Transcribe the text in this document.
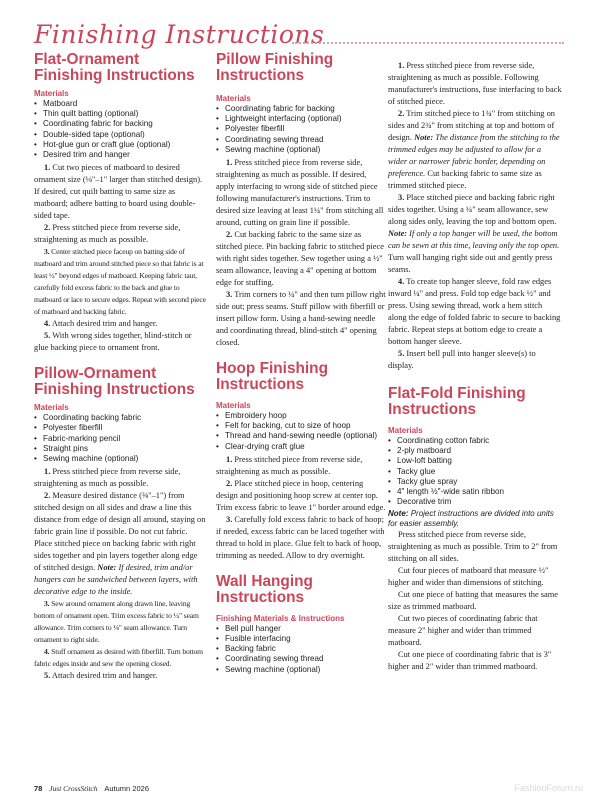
Finishing Instructions
Flat-Ornament Finishing Instructions
Materials
• Matboard
• Thin quilt batting (optional)
• Coordinating fabric for backing
• Double-sided tape (optional)
• Hot-glue gun or craft glue (optional)
• Desired trim and hanger

1. Cut two pieces of matboard to desired ornament size (⅛"–1" larger than stitched design). If desired, cut quilt batting to same size as matboard; adhere batting to board using double-sided tape.

2. Press stitched piece from reverse side, straightening as much as possible.

3. Center stitched piece faceup on batting side of matboard and trim around stitched piece so that fabric is at least ½" beyond edges of matboard. Keeping fabric taut, carefully fold excess fabric to the back and glue to matboard or lace to secure edges. Repeat with second piece of matboard and backing fabric.

4. Attach desired trim and hanger.

5. With wrong sides together, blind-stitch or glue backing piece to ornament front.

Pillow-Ornament Finishing Instructions
Materials
• Coordinating backing fabric
• Polyester fiberfill
• Fabric-marking pencil
• Straight pins
• Sewing machine (optional)

1. Press stitched piece from reverse side, straightening as much as possible.

2. Measure desired distance (⅜"–1") from stitched design on all sides and draw a line this distance from edge of design all around, staying on fabric grain line if possible. Do not cut fabric. Place stitched piece on backing fabric with right sides together and pin layers together along edge of stitched design. Note: If desired, trim and/or hangers can be sandwiched between layers, with decorative edge to the inside.

3. Sew around ornament along drawn line, leaving bottom of ornament open. Trim excess fabric to ¼" seam allowance. Trim corners to ⅛" seam allowance. Turn ornament to right side.

4. Stuff ornament as desired with fiberfill. Turn bottom fabric edges inside and sew the opening closed.

5. Attach desired trim and hanger.

Pillow Finishing Instructions
Materials
• Coordinating fabric for backing
• Lightweight interfacing (optional)
• Polyester fiberfill
• Coordinating sewing thread
• Sewing machine (optional)

1. Press stitched piece from reverse side, straightening as much as possible. If desired, apply interfacing to wrong side of stitched piece following manufacturer's instructions. Trim to desired size leaving at least 1¼" from stitching all around, cutting on grain line if possible.

2. Cut backing fabric to the same size as stitched piece. Pin backing fabric to stitched piece with right sides together. Sew together using a ½" seam allowance, leaving a 4" opening at bottom edge for stuffing.

3. Trim corners to ¼" and then turn pillow right side out; press seams. Stuff pillow with fiberfill or insert pillow form. Using a hand-sewing needle and coordinating thread, blind-stitch 4" opening closed.

Hoop Finishing Instructions
Materials
• Embroidery hoop
• Felt for backing, cut to size of hoop
• Thread and hand-sewing needle (optional)
• Clear-drying craft glue

1. Press stitched piece from reverse side, straightening as much as possible.

2. Place stitched piece in hoop, centering design and positioning hoop screw at center top. Trim excess fabric to leave 1" border around edge.

3. Carefully fold excess fabric to back of hoop; if needed, excess fabric can be laced together with thread to hold in place. Glue felt to back of hoop, trimming as needed. Allow to dry overnight.

Wall Hanging Instructions
Finishing Materials & Instructions
• Bell pull hanger
• Fusible interfacing
• Backing fabric
• Coordinating sewing thread
• Sewing machine (optional)

1. Press stitched piece from reverse side, straightening as much as possible. Following manufacturer's instructions, fuse interfacing to back of stitched piece.

2. Trim stitched piece to 1¾" from stitching on sides and 2¾" from stitching at top and bottom of design. Note: The distance from the stitching to the trimmed edges may be adjusted to allow for a wider or narrower fabric border, depending on preference. Cut backing fabric to same size as trimmed stitched piece.

3. Place stitched piece and backing fabric right sides together. Using a ¼" seam allowance, sew along sides only, leaving the top and bottom open. Note: If only a top hanger will be used, the bottom can be sewn at this time, leaving only the top open. Turn wall hanging right side out and gently press seams.

4. To create top hanger sleeve, fold raw edges inward ¼" and press. Fold top edge back ½" and press. Using sewing thread, work a hem stitch along the edge of folded fabric to secure to backing fabric. Repeat steps at bottom edge to create a bottom hanger sleeve.

5. Insert bell pull into hanger sleeve(s) to display.

Flat-Fold Finishing Instructions
Materials
• Coordinating cotton fabric
• 2-ply matboard
• Low-loft batting
• Tacky glue
• Tacky glue spray
• 4" length ½"-wide satin ribbon
• Decorative trim

Note: Project instructions are divided into units for easier assembly.

Press stitched piece from reverse side, straightening as much as possible. Trim to 2" from stitching on all sides.

Cut four pieces of matboard that measure ½" higher and wider than dimensions of stitching.

Cut one piece of batting that measures the same size as trimmed matboard.

Cut two pieces of coordinating fabric that measure 2" higher and wider than trimmed matboard.

Cut one piece of coordinating fabric that is 3" higher and 2" wider than trimmed matboard.

78 Just CrossStitch Autumn 2026	FashionForum.ru
